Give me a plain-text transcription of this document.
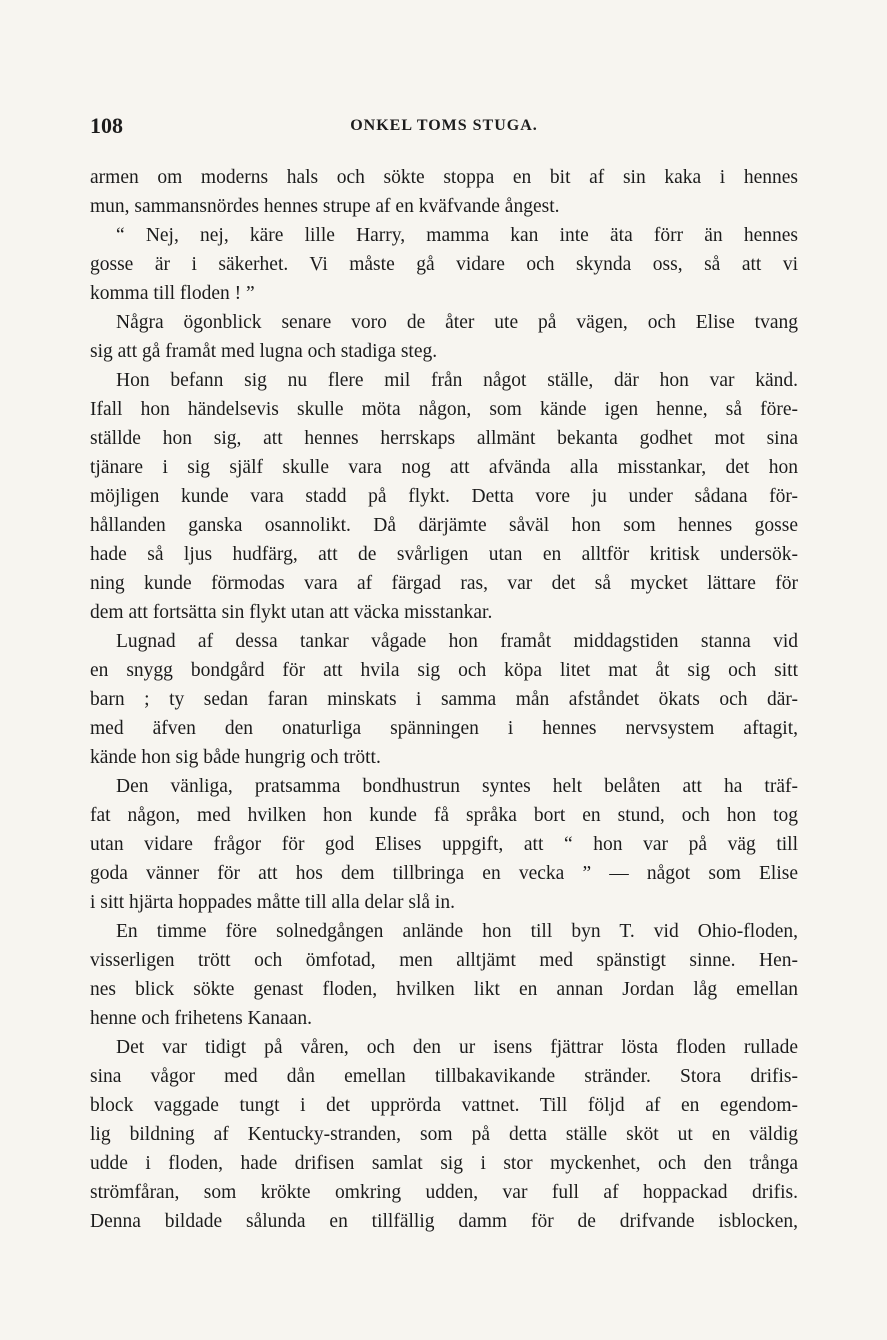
108	ONKEL TOMS STUGA.
armen om moderns hals och sökte stoppa en bit af sin kaka i hennes
mun, sammansnördes hennes strupe af en kväfvande ångest.
“ Nej, nej, käre lille Harry, mamma kan inte äta förr än hennes
gosse är i säkerhet. Vi måste gå vidare och skynda oss, så att vi
komma till floden ! ”
Några ögonblick senare voro de åter ute på vägen, och Elise tvang
sig att gå framåt med lugna och stadiga steg.
Hon befann sig nu flere mil från något ställe, där hon var känd.
Ifall hon händelsevis skulle möta någon, som kände igen henne, så före-
ställde hon sig, att hennes herrskaps allmänt bekanta godhet mot sina
tjänare i sig själf skulle vara nog att afvända alla misstankar, det hon
möjligen kunde vara stadd på flykt. Detta vore ju under sådana för-
hållanden ganska osannolikt. Då därjämte såväl hon som hennes gosse
hade så ljus hudfärg, att de svårligen utan en alltför kritisk undersök-
ning kunde förmodas vara af färgad ras, var det så mycket lättare för
dem att fortsätta sin flykt utan att väcka misstankar.
Lugnad af dessa tankar vågade hon framåt middagstiden stanna vid
en snygg bondgård för att hvila sig och köpa litet mat åt sig och sitt
barn ; ty sedan faran minskats i samma mån afståndet ökats och där-
med äfven den onaturliga spänningen i hennes nervsystem aftagit,
kände hon sig både hungrig och trött.
Den vänliga, pratsamma bondhustrun syntes helt belåten att ha träf-
fat någon, med hvilken hon kunde få språka bort en stund, och hon tog
utan vidare frågor för god Elises uppgift, att “ hon var på väg till
goda vänner för att hos dem tillbringa en vecka ” — något som Elise
i sitt hjärta hoppades måtte till alla delar slå in.
En timme före solnedgången anlände hon till byn T. vid Ohio-floden,
visserligen trött och ömfotad, men alltjämt med spänstigt sinne. Hen-
nes blick sökte genast floden, hvilken likt en annan Jordan låg emellan
henne och frihetens Kanaan.
Det var tidigt på våren, och den ur isens fjättrar lösta floden rullade
sina vågor med dån emellan tillbakavikande stränder. Stora drifis-
block vaggade tungt i det upprörda vattnet. Till följd af en egendom-
lig bildning af Kentucky-stranden, som på detta ställe sköt ut en väldig
udde i floden, hade drifisen samlat sig i stor myckenhet, och den trånga
strömfåran, som krökte omkring udden, var full af hoppackad drifis.
Denna bildade sålunda en tillfällig damm för de drifvande isblocken,
